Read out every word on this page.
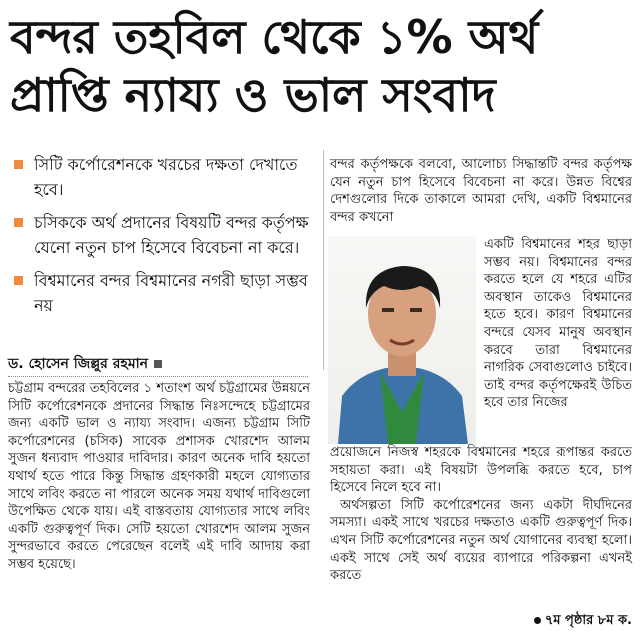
বন্দর তহবিল থেকে ১% অর্থ
প্রাপ্তি ন্যায্য ও ভাল সংবাদ
সিটি কর্পোরেশনকে খরচের দক্ষতা দেখাতে হবে।
চসিককে অর্থ প্রদানের বিষয়টি বন্দর কর্তৃপক্ষ যেনো নতুন চাপ হিসেবে বিবেচনা না করে।
বিশ্বমানের বন্দর বিশ্বমানের নগরী ছাড়া সম্ভব নয়
ড. হোসেন জিল্লুর রহমান

চট্টগ্রাম বন্দরের তহবিলের ১ শতাংশ অর্থ চট্টগ্রামের উন্নয়নে সিটি কর্পোরেশনকে প্রদানের সিদ্ধান্ত নিঃসন্দেহে চট্টগ্রামের জন্য একটি ভাল ও ন্যায্য সংবাদ। এজন্য চট্টগ্রাম সিটি কর্পোরেশনের (চসিক) সাবেক প্রশাসক খোরশেদ আলম সুজন ধন্যবাদ পাওয়ার দাবিদার। কারণ অনেক দাবি হয়তো যথার্থ হতে পারে কিন্তু সিদ্ধান্ত গ্রহণকারী মহলে যোগ্যতার সাথে লবিং করতে না পারলে অনেক সময় যথার্থ দাবিগুলো উপেক্ষিত থেকে যায়। এই বাস্তবতায় যোগ্যতার সাথে লবিং একটি গুরুত্বপূর্ণ দিক। সেটি হয়তো খোরশেদ আলম সুজন সুন্দরভাবে করতে পেরেছেন বলেই এই দাবি আদায় করা সম্ভব হয়েছে।

বন্দর কর্তৃপক্ষকে বলবো, আলোচ্য সিদ্ধান্তটি বন্দর কর্তৃপক্ষ যেন নতুন চাপ হিসেবে বিবেচনা না করে। উন্নত বিশ্বের দেশগুলোর দিকে তাকালে আমরা দেখি, একটি বিশ্বমানের বন্দর কখনো

একটি বিশ্বমানের শহর ছাড়া সম্ভব নয়। বিশ্বমানের বন্দর করতে হলে যে শহরে এটির অবস্থান তাকেও বিশ্বমানের হতে হবে। কারণ বিশ্বমানের বন্দরে যেসব মানুষ অবস্থান করবে তারা বিশ্বমানের নাগরিক সেবাগুলোও চাইবে। তাই বন্দর কর্তৃপক্ষেরই উচিত হবে তার নিজের

প্রয়োজনে নিজস্ব শহরকে বিশ্বমানের শহরে রূপান্তর করতে সহায়তা করা। এই বিষয়টা উপলব্ধি করতে হবে, চাপ হিসেবে নিলে হবে না।

অর্থসল্পতা সিটি কর্পোরেশনের জন্য একটা দীর্ঘদিনের সমস্যা। একই সাথে খরচের দক্ষতাও একটি গুরুত্বপূর্ণ দিক। এখন সিটি কর্পোরেশনের নতুন অর্থ যোগানের ব্যবস্থা হলো। একই সাথে সেই অর্থ ব্যয়ের ব্যাপারে পরিকল্পনা এখনই করতে

৭ম পৃষ্ঠার ৮ম ক.
